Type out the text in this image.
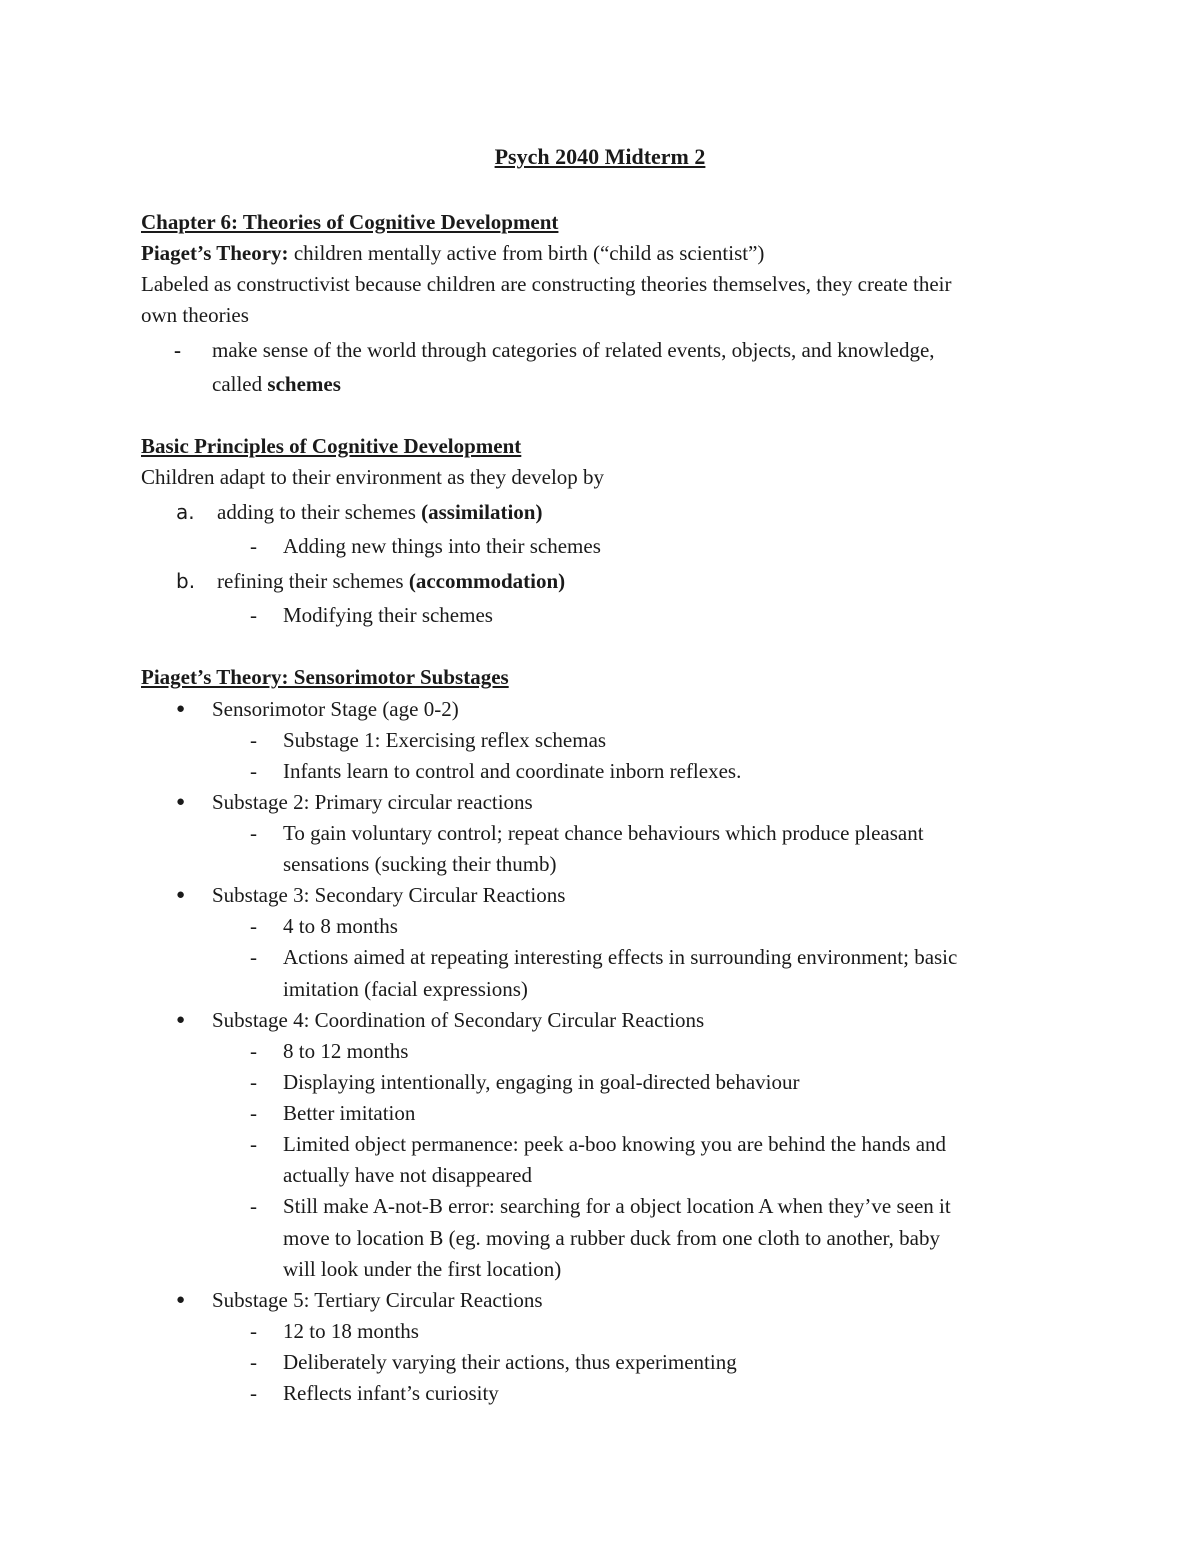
Psych 2040 Midterm 2
Chapter 6: Theories of Cognitive Development
Piaget’s Theory: children mentally active from birth (“child as scientist”)
Labeled as constructivist because children are constructing theories themselves, they create their
own theories
- make sense of the world through categories of related events, objects, and knowledge,
called schemes
Basic Principles of Cognitive Development
Children adapt to their environment as they develop by
a. adding to their schemes (assimilation)
- Adding new things into their schemes
b. refining their schemes (accommodation)
- Modifying their schemes
Piaget’s Theory: Sensorimotor Substages
● Sensorimotor Stage (age 0-2)
- Substage 1: Exercising reflex schemas
- Infants learn to control and coordinate inborn reflexes.
● Substage 2: Primary circular reactions
- To gain voluntary control; repeat chance behaviours which produce pleasant
sensations (sucking their thumb)
● Substage 3: Secondary Circular Reactions
- 4 to 8 months
- Actions aimed at repeating interesting effects in surrounding environment; basic
imitation (facial expressions)
● Substage 4: Coordination of Secondary Circular Reactions
- 8 to 12 months
- Displaying intentionally, engaging in goal-directed behaviour
- Better imitation
- Limited object permanence: peek a-boo knowing you are behind the hands and
actually have not disappeared
- Still make A-not-B error: searching for a object location A when they’ve seen it
move to location B (eg. moving a rubber duck from one cloth to another, baby
will look under the first location)
● Substage 5: Tertiary Circular Reactions
- 12 to 18 months
- Deliberately varying their actions, thus experimenting
- Reflects infant’s curiosity
